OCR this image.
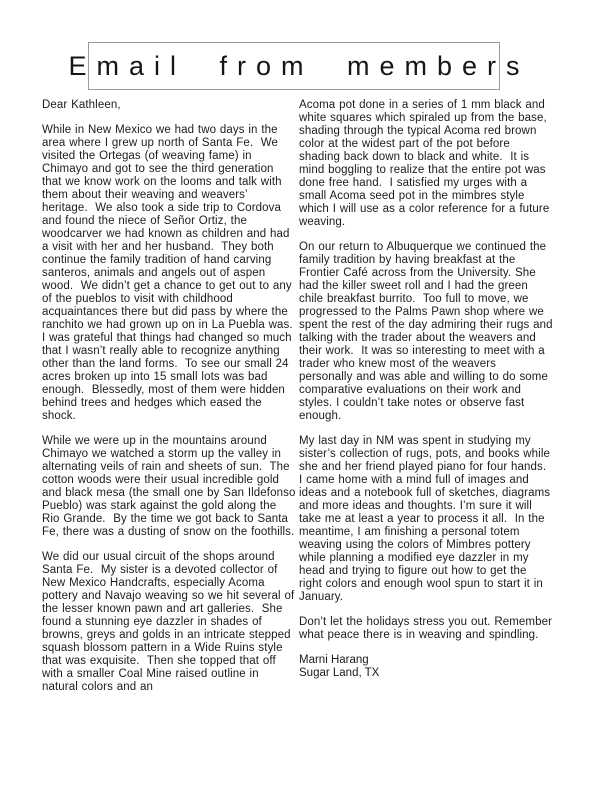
Email from members

Dear Kathleen,

While in New Mexico we had two days in the area where I grew up north of Santa Fe.  We visited the Ortegas (of weaving fame) in Chimayo and got to see the third generation that we know work on the looms and talk with them about their weaving and weavers’ heritage.  We also took a side trip to Cordova and found the niece of Señor Ortiz, the woodcarver we had known as children and had a visit with her and her husband.  They both continue the family tradition of hand carving santeros, animals and angels out of aspen wood.  We didn’t get a chance to get out to any of the pueblos to visit with childhood acquaintances there but did pass by where the ranchito we had grown up on in La Puebla was.  I was grateful that things had changed so much that I wasn’t really able to recognize anything other than the land forms.  To see our small 24 acres broken up into 15 small lots was bad enough.  Blessedly, most of them were hidden behind trees and hedges which eased the shock.

While we were up in the mountains around Chimayo we watched a storm up the valley in alternating veils of rain and sheets of sun.  The cotton woods were their usual incredible gold and black mesa (the small one by San Ildefonso Pueblo) was stark against the gold along the Rio Grande.  By the time we got back to Santa Fe, there was a dusting of snow on the foothills.

We did our usual circuit of the shops around Santa Fe.  My sister is a devoted collector of New Mexico Handcrafts, especially Acoma pottery and Navajo weaving so we hit several of the lesser known pawn and art galleries.  She found a stunning eye dazzler in shades of browns, greys and golds in an intricate stepped squash blossom pattern in a Wide Ruins style that was exquisite.  Then she topped that off with a smaller Coal Mine raised outline in natural colors and an

Acoma pot done in a series of 1 mm black and white squares which spiraled up from the base, shading through the typical Acoma red brown color at the widest part of the pot before shading back down to black and white.  It is mind boggling to realize that the entire pot was done free hand.  I satisfied my urges with a small Acoma seed pot in the mimbres style which I will use as a color reference for a future weaving.

On our return to Albuquerque we continued the family tradition by having breakfast at the Frontier Café across from the University. She had the killer sweet roll and I had the green chile breakfast burrito.  Too full to move, we progressed to the Palms Pawn shop where we spent the rest of the day admiring their rugs and talking with the trader about the weavers and their work.  It was so interesting to meet with a trader who knew most of the weavers personally and was able and willing to do some comparative evaluations on their work and styles. I couldn’t take notes or observe fast enough.

My last day in NM was spent in studying my sister’s collection of rugs, pots, and books while she and her friend played piano for four hands.  I came home with a mind full of images and ideas and a notebook full of sketches, diagrams and more ideas and thoughts. I’m sure it will take me at least a year to process it all.  In the meantime, I am finishing a personal totem weaving using the colors of Mimbres pottery while planning a modified eye dazzler in my head and trying to figure out how to get the right colors and enough wool spun to start it in January.

Don’t let the holidays stress you out. Remember what peace there is in weaving and spindling.

Marni Harang
Sugar Land, TX
